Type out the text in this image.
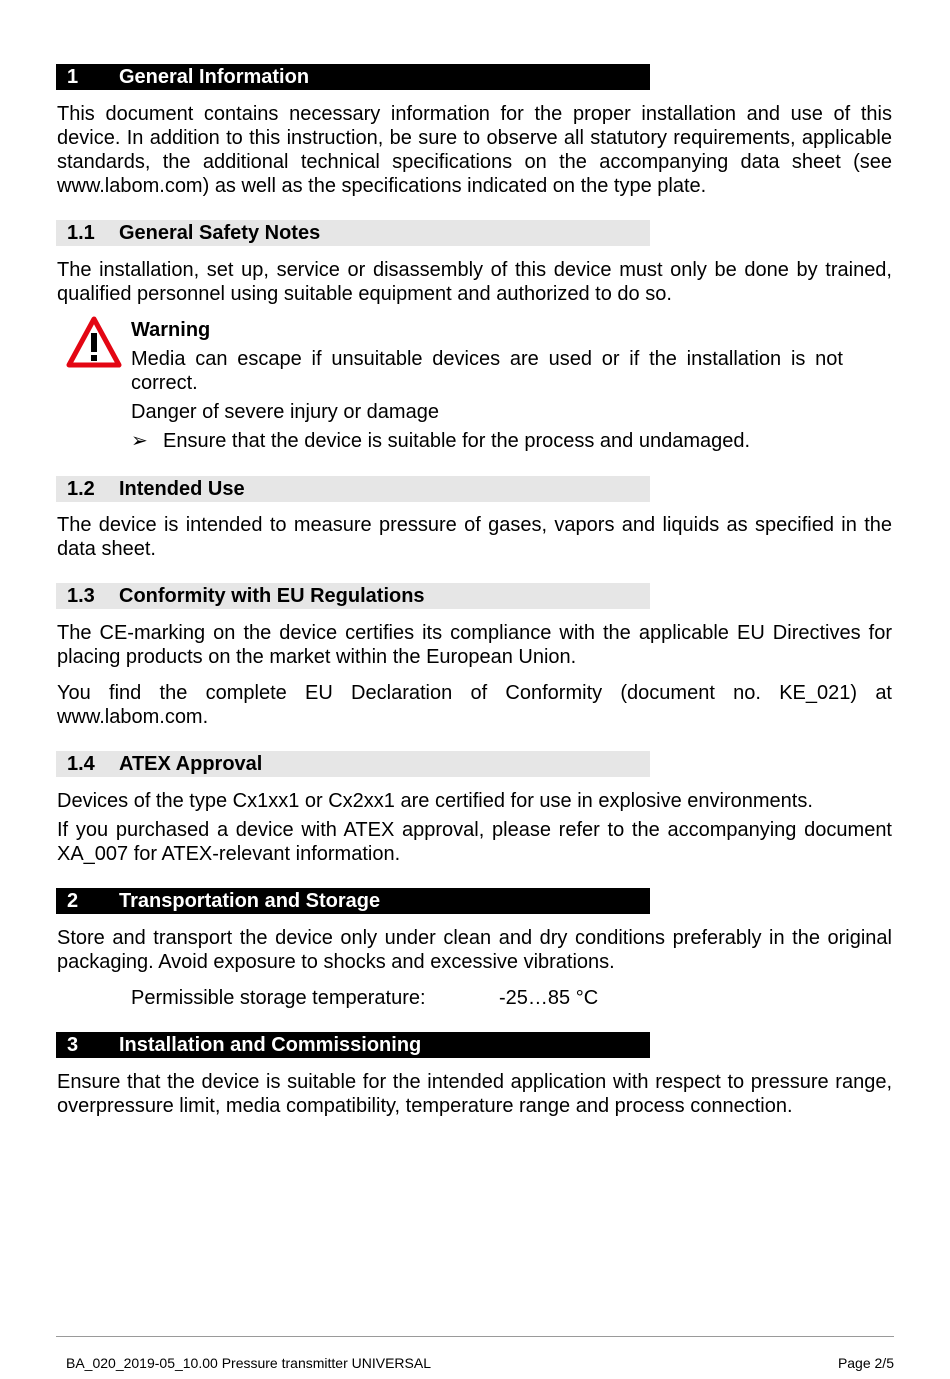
1 General Information

This document contains necessary information for the proper installation and use of this device. In addition to this instruction, be sure to observe all statutory requirements, applicable standards, the additional technical specifications on the accompanying data sheet (see www.labom.com) as well as the specifications indicated on the type plate.

1.1 General Safety Notes

The installation, set up, service or disassembly of this device must only be done by trained, qualified personnel using suitable equipment and authorized to do so.

Warning
Media can escape if unsuitable devices are used or if the installation is not correct.
Danger of severe injury or damage
➢ Ensure that the device is suitable for the process and undamaged.
1.2 Intended Use

The device is intended to measure pressure of gases, vapors and liquids as specified in the data sheet.

1.3 Conformity with EU Regulations

The CE-marking on the device certifies its compliance with the applicable EU Directives for placing products on the market within the European Union.

You find the complete EU Declaration of Conformity (document no. KE_021) at www.labom.com.

1.4 ATEX Approval

Devices of the type Cx1xx1 or Cx2xx1 are certified for use in explosive environments.

If you purchased a device with ATEX approval, please refer to the accompanying document XA_007 for ATEX-relevant information.

2 Transportation and Storage

Store and transport the device only under clean and dry conditions preferably in the original packaging. Avoid exposure to shocks and excessive vibrations.

Permissible storage temperature:	-25…85 °C
3 Installation and Commissioning

Ensure that the device is suitable for the intended application with respect to pressure range, overpressure limit, media compatibility, temperature range and process connection.

BA_020_2019-05_10.00 Pressure transmitter UNIVERSAL	Page 2/5
